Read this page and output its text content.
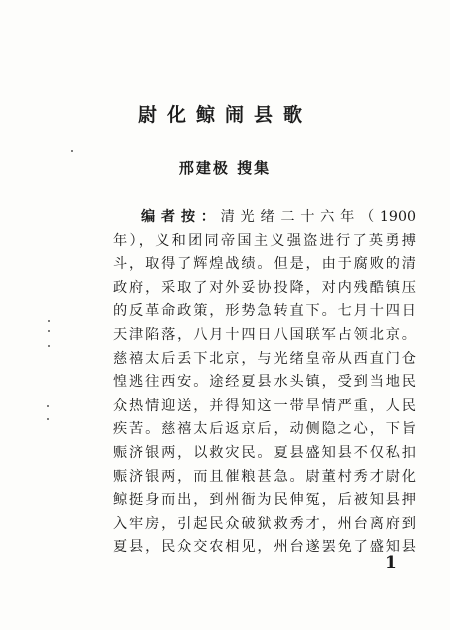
尉化鲸闹县歌
邢建极 搜集
编者按：清光绪二十六年（1900
年），义和团同帝国主义强盗进行了英勇搏
斗，取得了辉煌战绩。但是，由于腐败的清
政府，采取了对外妥协投降，对内残酷镇压
的反革命政策，形势急转直下。七月十四日
天津陷落，八月十四日八国联军占领北京。
慈禧太后丢下北京，与光绪皇帝从西直门仓
惶逃往西安。途经夏县水头镇，受到当地民
众热情迎送，并得知这一带旱情严重，人民
疾苦。慈禧太后返京后，动侧隐之心，下旨
赈济银两，以救灾民。夏县盛知县不仅私扣
赈济银两，而且催粮甚急。尉董村秀才尉化
鲸挺身而出，到州衙为民伸冤，后被知县押
入牢房，引起民众破狱救秀才，州台离府到
夏县，民众交农相见，州台遂罢免了盛知县
1
